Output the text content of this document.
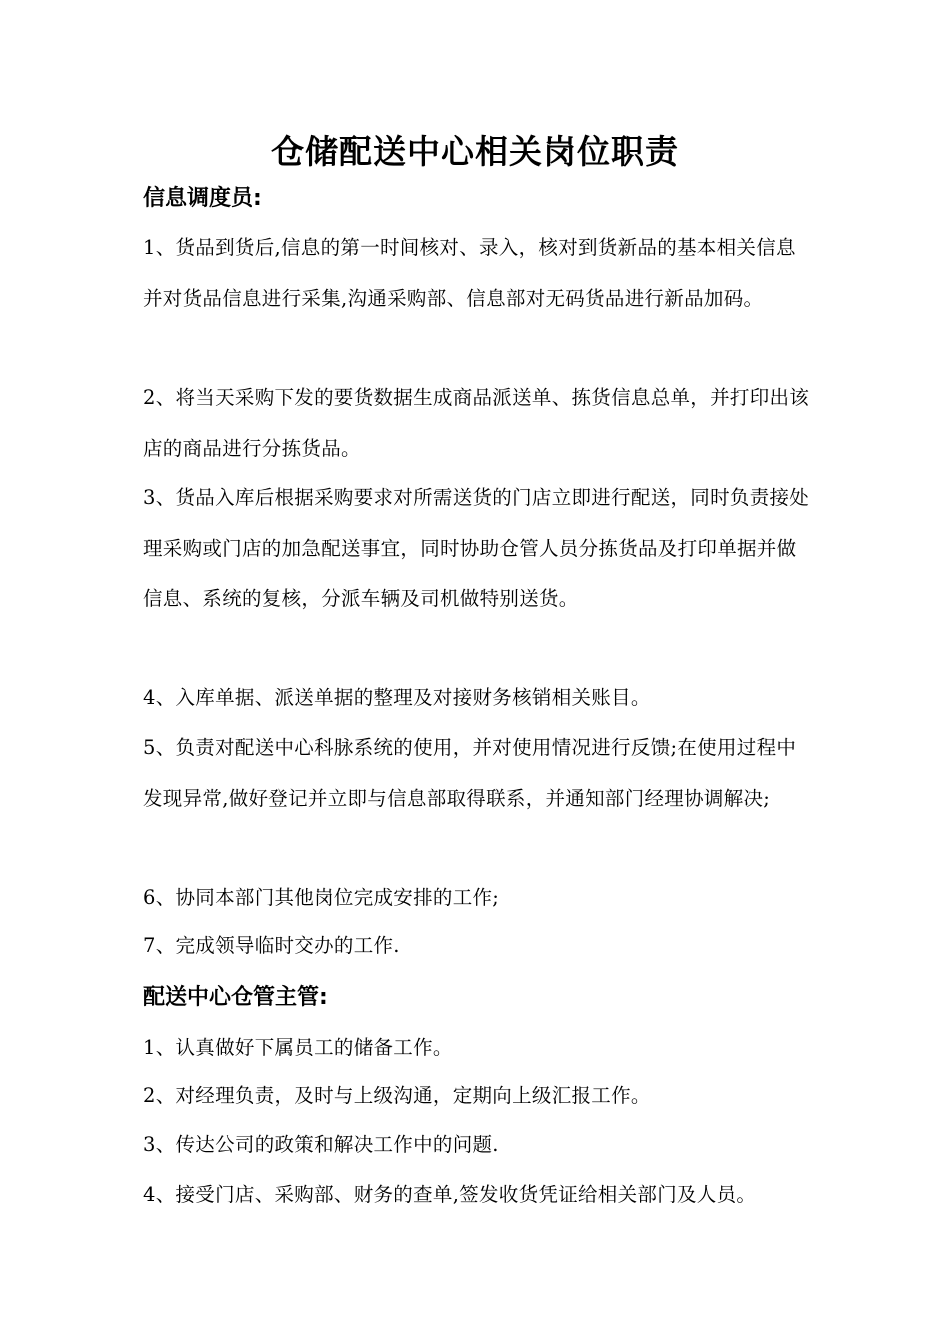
仓储配送中心相关岗位职责
信息调度员:

1、货品到货后,信息的第一时间核对、录入，核对到货新品的基本相关信息并对货品信息进行采集,沟通采购部、信息部对无码货品进行新品加码。

2、将当天采购下发的要货数据生成商品派送单、拣货信息总单，并打印出该店的商品进行分拣货品。

3、货品入库后根据采购要求对所需送货的门店立即进行配送，同时负责接处理采购或门店的加急配送事宜，同时协助仓管人员分拣货品及打印单据并做信息、系统的复核，分派车辆及司机做特别送货。

4、入库单据、派送单据的整理及对接财务核销相关账目。

5、负责对配送中心科脉系统的使用，并对使用情况进行反馈;在使用过程中发现异常,做好登记并立即与信息部取得联系，并通知部门经理协调解决;

6、协同本部门其他岗位完成安排的工作;

7、完成领导临时交办的工作.

配送中心仓管主管:

1、认真做好下属员工的储备工作。

2、对经理负责，及时与上级沟通，定期向上级汇报工作。

3、传达公司的政策和解决工作中的问题.

4、接受门店、采购部、财务的查单,签发收货凭证给相关部门及人员。
